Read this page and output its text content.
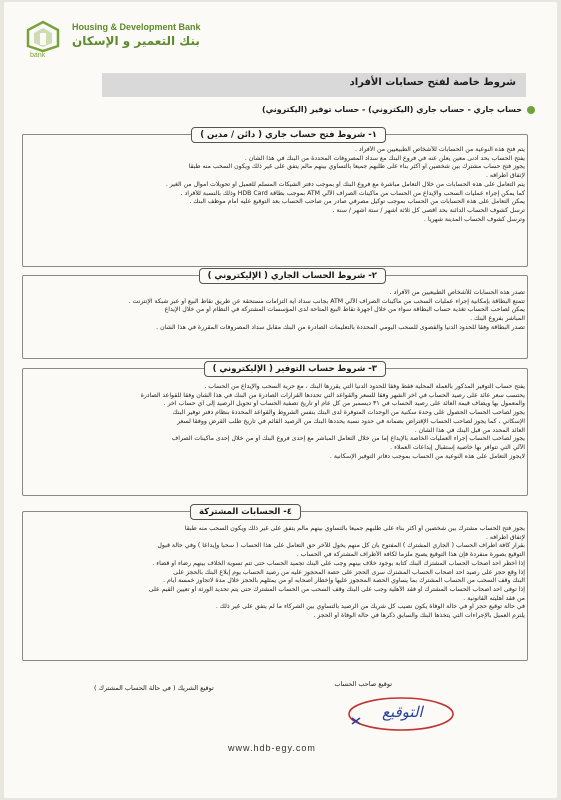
bank
Housing & Development Bank
بنك التعمير و الإسكان
شروط خاصة لفتح حسابات الأفراد
حساب جاري - حساب جاري (اليكتروني) - حساب توفير (اليكتروني)
١- شروط فتح حساب جاري ( دائن / مدين )
يتم فتح هذه النوعية من الحسابات للأشخاص الطبيعيين من الأفراد .
يفتح الحساب بحد أدنى معين يعلن عنه في فروع البنك مع سداد المصروفات المحددة من البنك في هذا الشأن .
يجوز فتح حساب مشترك بين شخصين أو أكثر بناء على طلبهم جميعا بالتساوي بينهم مالم يتفق على غير ذلك ويكون السحب منه طبقا
لإتفاق أطرافه .
يتم التعامل على هذه الحسابات من خلال التعامل مباشرة مع فروع البنك أو بموجب دفتر الشيكات المسلم للعميل أو تحويلات أموال من الغير .
كما يمكن إجراء عمليات السحب والإيداع من الحساب من ماكينات الصراف الآلي ATM بموجب بطاقة HDB Card وذلك بالنسبة للأفراد .
يمكن التعامل على هذه الحسابات من الحساب بموجب توكيل مصرفي صادر من صاحب الحساب بعد التوقيع عليه أمام موظف البنك .
ترسل كشوف الحساب الدائنة بحد أقصى كل ثلاثة أشهر / ستة أشهر / سنة .
وترسل كشوف الحساب المدينة شهريا .
٢- شروط الحساب الجاري ( الإليكتروني )
تصدر هذه الحسابات للأشخاص الطبيعيين من الأفراد .
تتمتع البطاقة بإمكانية إجراء عمليات السحب من ماكينات الصراف الآلي ATM بجانب سداد أية التزامات مستحقة عن طريق نقاط البيع أو عبر شبكة الإنترنت .
يمكن لصاحب الحساب تغذية حساب البطاقة سواء من خلال أجهزة نقاط البيع المتاحة لدى المؤسسات المشتركة في النظام أو من خلال الإيداع
المباشر بفروع البنك .
تصدر البطاقة وفقا للحدود الدنيا والقصوى للسحب اليومي المحددة بالتعليمات الصادرة من البنك مقابل سداد المصروفات المقررة في هذا الشأن .
٣- شروط حساب التوفير ( الإليكتروني )
يفتح حساب التوفير المذكور بالعملة المحلية فقط وفقا للحدود الدنيا التي يقررها البنك ، مع حرية السحب والإيداع من الحساب .
يحتسب سعر عائد على رصيد الحساب في آخر الشهر وفقا للسعر والقواعد التي تحددها القرارات الصادرة من البنك في هذا الشأن وفقا للقواعد الصادرة
والمعمول بها ويضاف قيمة العائد على رصيد الحساب في ٣١ ديسمبر من كل عام أو تاريخ تصفية الحساب أو تحويل الرصيد إلى أي حساب آخر .
يجوز لصاحب الحساب الحصول على وحدة سكنية من الوحدات المتوفرة لدى البنك بنفس الشروط والقواعد المحددة بنظام دفتر توفير البنك
الإسكاني ، كما يجوز لصاحب الحساب الإقتراض بضمانة في حدود نسبة يحددها البنك من الرصيد القائم في تاريخ طلب القرض ووفقا لسعر
العائد المحدد من قبل البنك في هذا الشأن .
يجوز لصاحب الحساب إجراء العمليات الخاصة بالإيداع إما من خلال التعامل المباشر مع إحدى فروع البنك أو من خلال إحدى ماكينات الصراف
الآلي التي تتوافر بها خاصية إستقبال إيداعات العملاء .
لايجوز التعامل على هذه النوعية من الحساب بموجب دفاتر التوفير الإسكانية .
٤- الحسابات المشتركة
يجوز فتح الحساب مشترك بين شخصين أو أكثر بناء على طلبهم جميعاً بالتساوي بينهم مالم يتفق على غير ذلك ويكون السحب منه طبقاً
لإتفاق أطرافه .
بقرار كافة أطراف الحساب ( الجاري المشترك ) المفتوح بأن كل منهم يخول للآخر حق التعامل على هذا الحساب ( سحباً وإيداعاً ) وفي حالة قبول
التوقيع بصورة منفردة فإن هذا التوقيع يصبح ملزماً لكافة الأطراف المشتركة في الحساب .
إذا أخطر احد أصحاب الحساب المشترك البنك كتابة بوجود خلاف بينهم وجب على البنك تجميد الحساب حتى تتم تسوية الخلاف بينهم رضاء أو قضاء .
إذا وقع حجز على رصيد احد أصحاب الحساب المشترك سرى الحجز على حصة المحجوز عليه من رصيد الحساب يوم إبلاغ البنك بالحجز على
البنك وقف السحب من الحساب المشترك بما يساوي الحصة المحجوز عليها وإخطار أصحابه أو من يمثلهم بالحجز خلال مدة لاتجاوز خمسة أيام .
إذا توفى احد أصحاب الحساب المشترك أو فقد الأهلية وجب على البنك وقف السحب من الحساب المشترك حتى يتم تحديد الورثة أو تعيين القيم على
من فقد أهليته القانونية .
في حالة توقيع حجز أو في حالة الوفاة يكون نصيب كل شريك من الرصيد بالتساوي بين الشركاء ما لم يتفق على غير ذلك .
يلتزم العميل بالإجراءات التي يتخذها البنك والسابق ذكرها في حالة الوفاة أو الحجز .
توقيع صاحب الحساب
توقيع الشريك ( في حالة الحساب المشترك )
التوقيع
www.hdb-egy.com
